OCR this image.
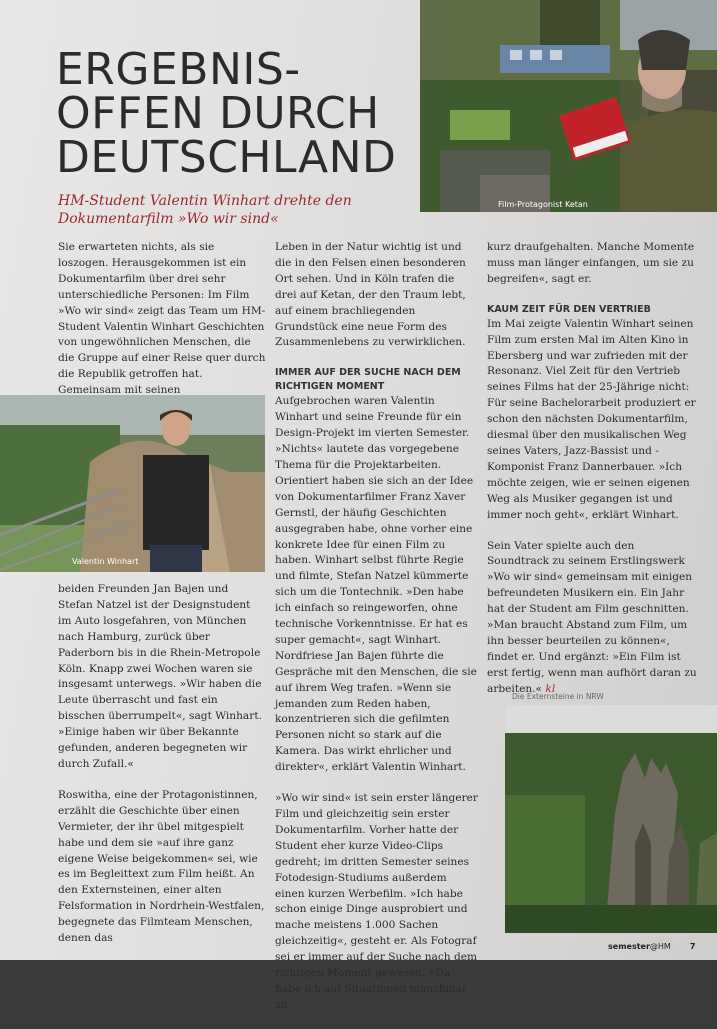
ERGEBNIS-
OFFEN DURCH
DEUTSCHLAND

HM-Student Valentin Winhart drehte den Dokumentarfilm »Wo wir sind«

Film-Protagonist Ketan
Valentin Winhart
Die Externsteine in NRW

Sie erwarteten nichts, als sie loszogen. Herausgekommen ist ein Dokumentarfilm über drei sehr unterschiedliche Personen: Im Film »Wo wir sind« zeigt das Team um HM-Student Valentin Winhart Geschichten von ungewöhnlichen Menschen, die die Gruppe auf einer Reise quer durch die Republik getroffen hat. Gemeinsam mit seinen

beiden Freunden Jan Bajen und Stefan Natzel ist der Designstudent im Auto losgefahren, von München nach Hamburg, zurück über Paderborn bis in die Rhein-Metropole Köln. Knapp zwei Wochen waren sie insgesamt unterwegs. »Wir haben die Leute überrascht und fast ein bisschen überrumpelt«, sagt Winhart. »Einige haben wir über Bekannte gefunden, anderen begegneten wir durch Zufall.«

Roswitha, eine der Protagonistinnen, erzählt die Geschichte über einen Vermieter, der ihr übel mitgespielt habe und dem sie »auf ihre ganz eigene Weise beigekommen« sei, wie es im Begleittext zum Film heißt. An den Externsteinen, einer alten Felsformation in Nordrhein-Westfalen, begegnete das Filmteam Menschen, denen das

Leben in der Natur wichtig ist und die in den Felsen einen besonderen Ort sehen. Und in Köln trafen die drei auf Ketan, der den Traum lebt, auf einem brachliegenden Grundstück eine neue Form des Zusammenlebens zu verwirklichen.

IMMER AUF DER SUCHE NACH DEM RICHTIGEN MOMENT

Aufgebrochen waren Valentin Winhart und seine Freunde für ein Design-Projekt im vierten Semester. »Nichts« lautete das vorgegebene Thema für die Projektarbeiten. Orientiert haben sie sich an der Idee von Dokumentarfilmer Franz Xaver Gernstl, der häufig Geschichten ausgegraben habe, ohne vorher eine konkrete Idee für einen Film zu haben. Winhart selbst führte Regie und filmte, Stefan Natzel kümmerte sich um die Tontechnik. »Den habe ich einfach so reingeworfen, ohne technische Vorkenntnisse. Er hat es super gemacht«, sagt Winhart. Nordfriese Jan Bajen führte die Gespräche mit den Menschen, die sie auf ihrem Weg trafen. »Wenn sie jemanden zum Reden haben, konzentrieren sich die gefilmten Personen nicht so stark auf die Kamera. Das wirkt ehrlicher und direkter«, erklärt Valentin Winhart.

»Wo wir sind« ist sein erster längerer Film und gleichzeitig sein erster Dokumentarfilm. Vorher hatte der Student eher kurze Video-Clips gedreht; im dritten Semester seines Fotodesign-Studiums außerdem einen kurzen Werbefilm. »Ich habe schon einige Dinge ausprobiert und mache meistens 1.000 Sachen gleichzeitig«, gesteht er. Als Fotograf sei er immer auf der Suche nach dem richtigen Moment gewesen. »Da habe ich auf Situationen manchmal zu

kurz draufgehalten. Manche Momente muss man länger einfangen, um sie zu begreifen«, sagt er.

KAUM ZEIT FÜR DEN VERTRIEB

Im Mai zeigte Valentin Winhart seinen Film zum ersten Mal im Alten Kino in Ebersberg und war zufrieden mit der Resonanz. Viel Zeit für den Vertrieb seines Films hat der 25-Jährige nicht: Für seine Bachelorarbeit produziert er schon den nächsten Dokumentarfilm, diesmal über den musikalischen Weg seines Vaters, Jazz-Bassist und -Komponist Franz Dannerbauer. »Ich möchte zeigen, wie er seinen eigenen Weg als Musiker gegangen ist und immer noch geht«, erklärt Winhart.

Sein Vater spielte auch den Soundtrack zu seinem Erstlingswerk »Wo wir sind« gemeinsam mit einigen befreundeten Musikern ein. Ein Jahr hat der Student am Film geschnitten. »Man braucht Abstand zum Film, um ihn besser beurteilen zu können«, findet er. Und ergänzt: »Ein Film ist erst fertig, wenn man aufhört daran zu arbeiten.« kl

semester@HM 7
